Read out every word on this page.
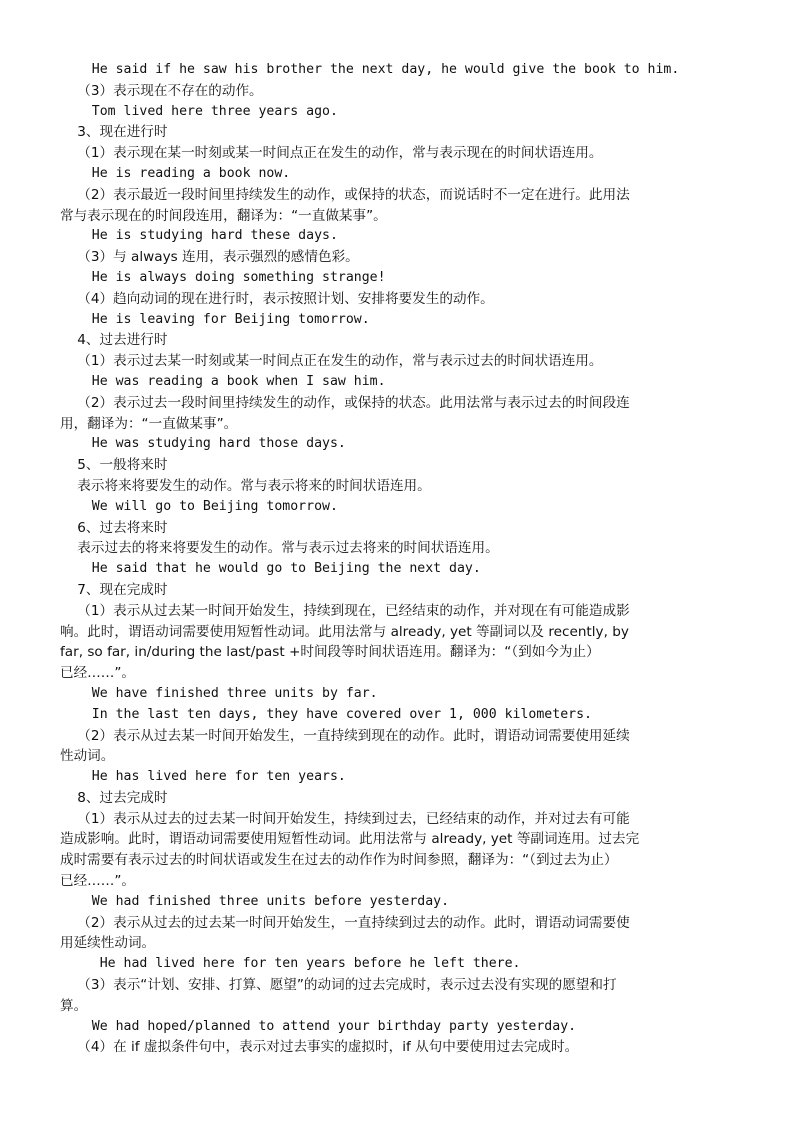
He said if he saw his brother the next day, he would give the book to him.
（3）表示现在不存在的动作。
Tom lived here three years ago.
3、现在进行时
（1）表示现在某一时刻或某一时间点正在发生的动作，常与表示现在的时间状语连用。
He is reading a book now.
（2）表示最近一段时间里持续发生的动作，或保持的状态，而说话时不一定在进行。此用法
常与表示现在的时间段连用，翻译为：“一直做某事”。
He is studying hard these days.
（3）与 always 连用，表示强烈的感情色彩。
He is always doing something strange!
（4）趋向动词的现在进行时，表示按照计划、安排将要发生的动作。
He is leaving for Beijing tomorrow.
4、过去进行时
（1）表示过去某一时刻或某一时间点正在发生的动作，常与表示过去的时间状语连用。
He was reading a book when I saw him.
（2）表示过去一段时间里持续发生的动作，或保持的状态。此用法常与表示过去的时间段连
用，翻译为：“一直做某事”。
He was studying hard those days.
5、一般将来时
表示将来将要发生的动作。常与表示将来的时间状语连用。
We will go to Beijing tomorrow.
6、过去将来时
表示过去的将来将要发生的动作。常与表示过去将来的时间状语连用。
He said that he would go to Beijing the next day.
7、现在完成时
（1）表示从过去某一时间开始发生，持续到现在，已经结束的动作，并对现在有可能造成影
响。此时，谓语动词需要使用短暂性动词。此用法常与 already, yet 等副词以及 recently, by
far, so far, in/during the last/past +时间段等时间状语连用。翻译为：“（到如今为止）
已经……”。
We have finished three units by far.
In the last ten days, they have covered over 1, 000 kilometers.
（2）表示从过去某一时间开始发生，一直持续到现在的动作。此时，谓语动词需要使用延续
性动词。
He has lived here for ten years.
8、过去完成时
（1）表示从过去的过去某一时间开始发生，持续到过去，已经结束的动作，并对过去有可能
造成影响。此时，谓语动词需要使用短暂性动词。此用法常与 already, yet 等副词连用。过去完
成时需要有表示过去的时间状语或发生在过去的动作作为时间参照，翻译为：“（到过去为止）
已经……”。
We had finished three units before yesterday.
（2）表示从过去的过去某一时间开始发生，一直持续到过去的动作。此时，谓语动词需要使
用延续性动词。
He had lived here for ten years before he left there.
（3）表示“计划、安排、打算、愿望”的动词的过去完成时，表示过去没有实现的愿望和打
算。
We had hoped/planned to attend your birthday party yesterday.
（4）在 if 虚拟条件句中，表示对过去事实的虚拟时，if 从句中要使用过去完成时。
